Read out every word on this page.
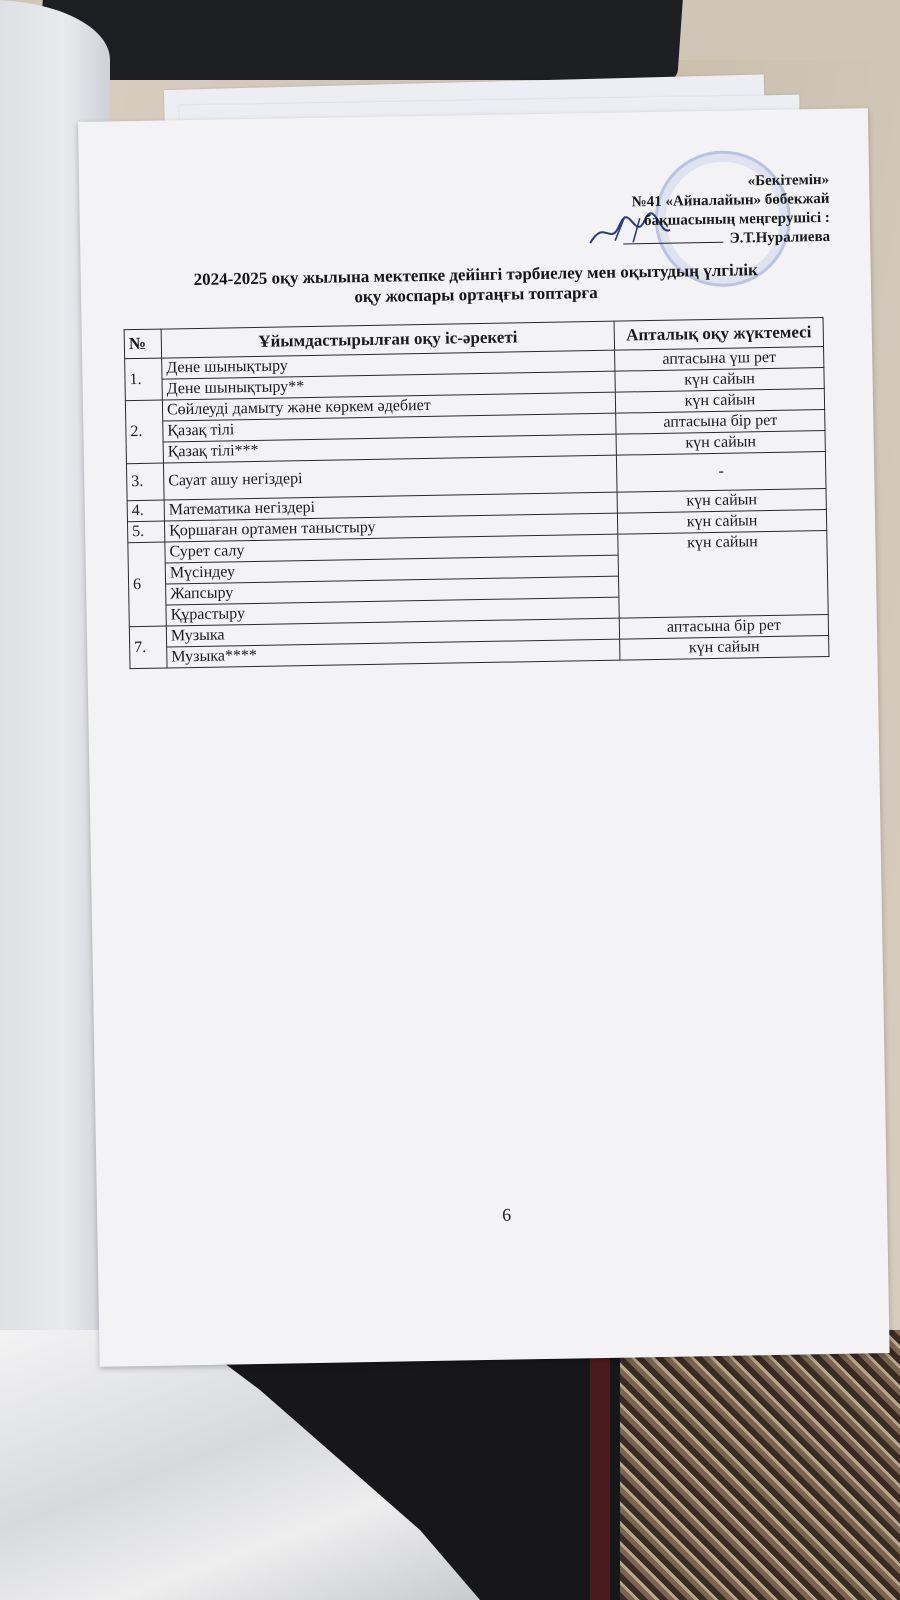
«Бекітемін»
№41 «Айналайын» бөбекжай
бақшасының меңгерушісі :
Э.Т.Нуралиева
2024-2025 оқу жылына мектепке дейінгі тәрбиелеу мен оқытудың үлгілік
оқу жоспары ортаңғы топтарға
№	Ұйымдастырылған оқу іс-әрекеті	Апталық оқу жүктемесі
1.	Дене шынықтыру	аптасына үш рет
	Дене шынықтыру**	күн сайын
2.	Сөйлеуді дамыту және көркем әдебиет	күн сайын
	Қазақ тілі	аптасына бір рет
	Қазақ тілі***	күн сайын
3.	Сауат ашу негіздері	-
4.	Математика негіздері	күн сайын
5.	Қоршаған ортамен таныстыру	күн сайын
6	Сурет салу	күн сайын
	Мүсіндеу	
	Жапсыру	
	Құрастыру	
7.	Музыка	аптасына бір рет
	Музыка****	күн сайын
6
